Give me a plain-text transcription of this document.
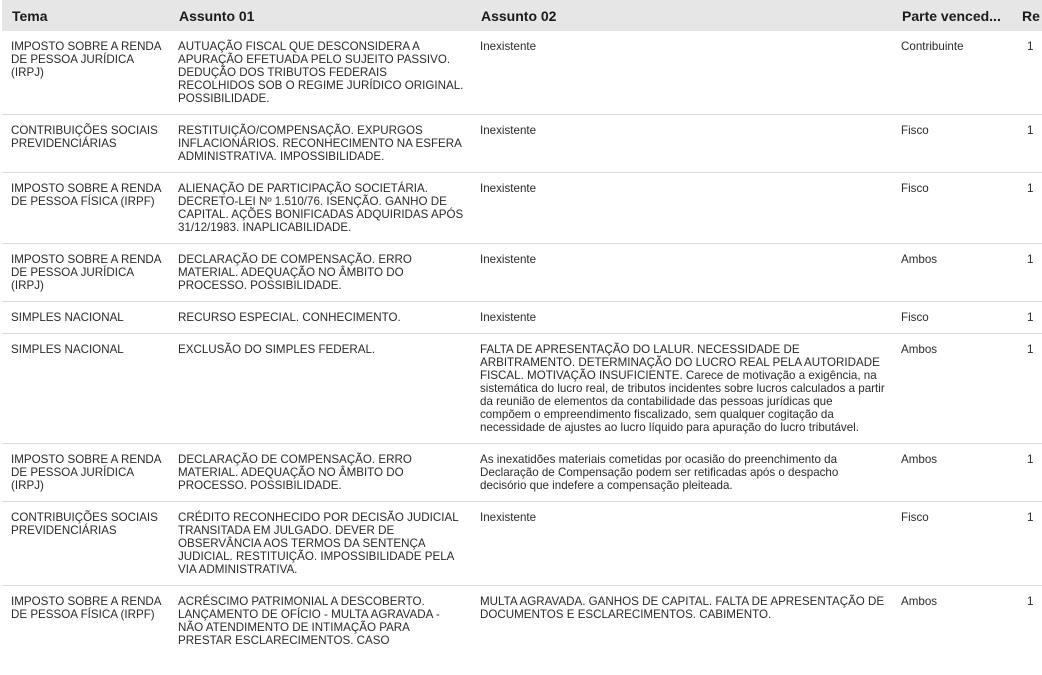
Tema	Assunto 01	Assunto 02	Parte venced...	Re
IMPOSTO SOBRE A RENDA DE PESSOA JURÍDICA (IRPJ)	AUTUAÇÃO FISCAL QUE DESCONSIDERA A APURAÇÃO EFETUADA PELO SUJEITO PASSIVO. DEDUÇÃO DOS TRIBUTOS FEDERAIS RECOLHIDOS SOB O REGIME JURÍDICO ORIGINAL. POSSIBILIDADE.	Inexistente	Contribuinte	1
CONTRIBUIÇÕES SOCIAIS PREVIDENCIÁRIAS	RESTITUIÇÃO/COMPENSAÇÃO. EXPURGOS INFLACIONÁRIOS. RECONHECIMENTO NA ESFERA ADMINISTRATIVA. IMPOSSIBILIDADE.	Inexistente	Fisco	1
IMPOSTO SOBRE A RENDA DE PESSOA FÍSICA (IRPF)	ALIENAÇÃO DE PARTICIPAÇÃO SOCIETÁRIA. DECRETO-LEI Nº 1.510/76. ISENÇÃO. GANHO DE CAPITAL. AÇÕES BONIFICADAS ADQUIRIDAS APÓS 31/12/1983. INAPLICABILIDADE.	Inexistente	Fisco	1
IMPOSTO SOBRE A RENDA DE PESSOA JURÍDICA (IRPJ)	DECLARAÇÃO DE COMPENSAÇÃO. ERRO MATERIAL. ADEQUAÇÃO NO ÂMBITO DO PROCESSO. POSSIBILIDADE.	Inexistente	Ambos	1
SIMPLES NACIONAL	RECURSO ESPECIAL. CONHECIMENTO.	Inexistente	Fisco	1
SIMPLES NACIONAL	EXCLUSÃO DO SIMPLES FEDERAL.	FALTA DE APRESENTAÇÃO DO LALUR. NECESSIDADE DE ARBITRAMENTO. DETERMINAÇÃO DO LUCRO REAL PELA AUTORIDADE FISCAL. MOTIVAÇÃO INSUFICIENTE. Carece de motivação a exigência, na sistemática do lucro real, de tributos incidentes sobre lucros calculados a partir da reunião de elementos da contabilidade das pessoas jurídicas que compõem o empreendimento fiscalizado, sem qualquer cogitação da necessidade de ajustes ao lucro líquido para apuração do lucro tributável.	Ambos	1
IMPOSTO SOBRE A RENDA DE PESSOA JURÍDICA (IRPJ)	DECLARAÇÃO DE COMPENSAÇÃO. ERRO MATERIAL. ADEQUAÇÃO NO ÂMBITO DO PROCESSO. POSSIBILIDADE.	As inexatidões materiais cometidas por ocasião do preenchimento da Declaração de Compensação podem ser retificadas após o despacho decisório que indefere a compensação pleiteada.	Ambos	1
CONTRIBUIÇÕES SOCIAIS PREVIDENCIÁRIAS	CRÉDITO RECONHECIDO POR DECISÃO JUDICIAL TRANSITADA EM JULGADO. DEVER DE OBSERVÂNCIA AOS TERMOS DA SENTENÇA JUDICIAL. RESTITUIÇÃO. IMPOSSIBILIDADE PELA VIA ADMINISTRATIVA.	Inexistente	Fisco	1
IMPOSTO SOBRE A RENDA DE PESSOA FÍSICA (IRPF)	ACRÉSCIMO PATRIMONIAL A DESCOBERTO. LANÇAMENTO DE OFÍCIO - MULTA AGRAVADA - NÃO ATENDIMENTO DE INTIMAÇÃO PARA PRESTAR ESCLARECIMENTOS. CASO	MULTA AGRAVADA. GANHOS DE CAPITAL. FALTA DE APRESENTAÇÃO DE DOCUMENTOS E ESCLARECIMENTOS. CABIMENTO.	Ambos	1
